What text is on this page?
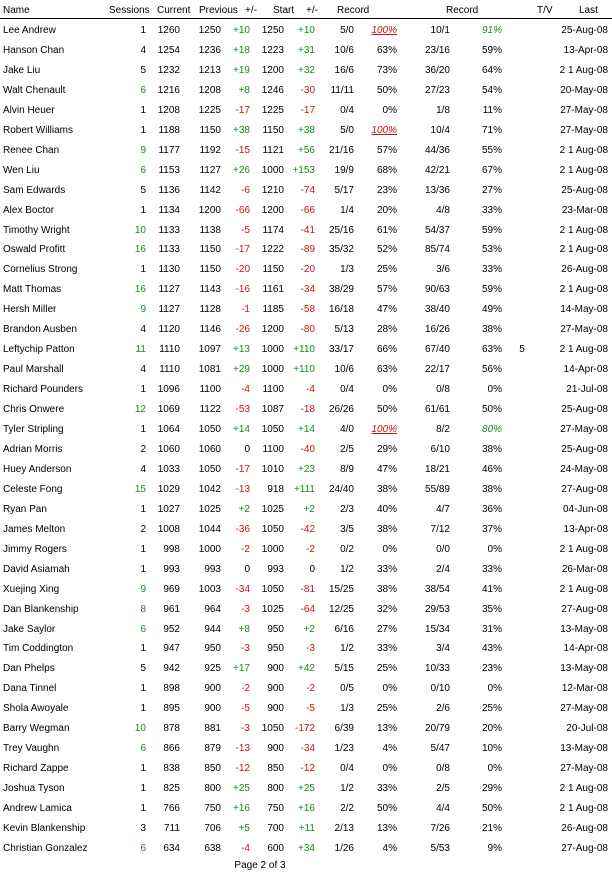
Name	Sessions Current Previous +/- Start +/- Record	Record	T/V	Last
Lee Andrew	1	1260	1250	+10	1250	+10	5/0	100%	10/1	91%	25-Aug-08
Hanson Chan	4	1254	1236	+18	1223	+31	10/6	63%	23/16	59%	13-Apr-08
Jake Liu	5	1232	1213	+19	1200	+32	16/6	73%	36/20	64%	2 1 Aug-08
Walt Chenault	6	1216	1208	+8	1246	-30	11/11	50%	27/23	54%	20-May-08
Alvin Heuer	1	1208	1225	-17	1225	-17	0/4	0%	1/8	11%	27-May-08
Robert Williams	1	1188	1150	+38	1150	+38	5/0	100%	10/4	71%	27-May-08
Renee Chan	9	1177	1192	-15	1121	+56	21/16	57%	44/36	55%	2 1 Aug-08
Wen Liu	6	1153	1127	+26	1000 +153	19/9	68%	42/21	67%	2 1 Aug-08
Sam Edwards	5	1136	1142	-6	1210	-74	5/17	23%	13/36	27%	25-Aug-08
Alex Boctor	1	1134	1200	-66	1200	-66	1/4	20%	4/8	33%	23-Mar-08
Timothy Wright	10	1133	1138	-5	1174	-41	25/16	61%	54/37	59%	2 1 Aug-08
Oswald Profitt	16	1133	1150	-17	1222	-89	35/32	52%	85/74	53%	2 1 Aug-08
Cornelius Strong	1	1130	1150	-20	1150	-20	1/3	25%	3/6	33%	26-Aug-08
Matt Thomas	16	1127	1143	-16	1161	-34	38/29	57%	90/63	59%	2 1 Aug-08
Hersh Miller	9	1127	1128	-1	1185	-58	16/18	47%	38/40	49%	14-May-08
Brandon Ausben	4	1120	1146	-26	1200	-80	5/13	28%	16/26	38%	27-May-08
Leftychip Patton	11	1110	1097	+13	1000 +110	33/17	66%	67/40	63%	5	2 1 Aug-08
Paul Marshall	4	1110	1081	+29	1000 +110	10/6	63%	22/17	56%	14-Apr-08
Richard Pounders	1	1096	1100	-4	1100	-4	0/4	0%	0/8	0%	21-Jul-08
Chris Onwere	12	1069	1122	-53	1087	-18	26/26	50%	61/61	50%	25-Aug-08
Tyler Stripling	1	1064	1050	+14	1050	+14	4/0	100%	8/2	80%	27-May-08
Adrian Morris	2	1060	1060	0	1100	-40	2/5	29%	6/10	38%	25-Aug-08
Huey Anderson	4	1033	1050	-17	1010	+23	8/9	47%	18/21	46%	24-May-08
Celeste Fong	15	1029	1042	-13	918 +111	24/40	38%	55/89	38%	27-Aug-08
Ryan Pan	1	1027	1025	+2	1025	+2	2/3	40%	4/7	36%	04-Jun-08
James Melton	2	1008	1044	-36	1050	-42	3/5	38%	7/12	37%	13-Apr-08
Jimmy Rogers	1	998	1000	-2	1000	-2	0/2	0%	0/0	0%	2 1 Aug-08
David Asiamah	1	993	993	0	993	0	1/2	33%	2/4	33%	26-Mar-08
Xuejing Xing	9	969	1003	-34	1050	-81	15/25	38%	38/54	41%	2 1 Aug-08
Dan Blankenship	8	961	964	-3	1025	-64	12/25	32%	29/53	35%	27-Aug-08
Jake Saylor	6	952	944	+8	950	+2	6/16	27%	15/34	31%	13-May-08
Tim Coddington	1	947	950	-3	950	-3	1/2	33%	3/4	43%	14-Apr-08
Dan Phelps	5	942	925	+17	900	+42	5/15	25%	10/33	23%	13-May-08
Dana Tinnel	1	898	900	-2	900	-2	0/5	0%	0/10	0%	12-Mar-08
Shola Awoyale	1	895	900	-5	900	-5	1/3	25%	2/6	25%	27-May-08
Barry Wegman	10	878	881	-3	1050	-172	6/39	13%	20/79	20%	20-Jul-08
Trey Vaughn	6	866	879	-13	900	-34	1/23	4%	5/47	10%	13-May-08
Richard Zappe	1	838	850	-12	850	-12	0/4	0%	0/8	0%	27-May-08
Joshua Tyson	1	825	800	+25	800	+25	1/2	33%	2/5	29%	2 1 Aug-08
Andrew Lamica	1	766	750	+16	750	+16	2/2	50%	4/4	50%	2 1 Aug-08
Kevin Blankenship	3	711	706	+5	700	+11	2/13	13%	7/26	21%	26-Aug-08
Christian Gonzalez	6	634	638	-4	600	+34	1/26	4%	5/53	9%	27-Aug-08
Page 2 of 3
